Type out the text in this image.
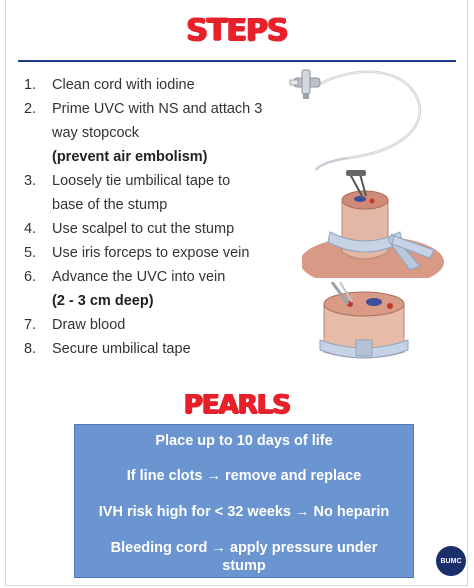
STEPS
1.	Clean cord with iodine
2.	Prime UVC with NS and attach 3
way stopcock
(prevent air embolism)
3.	Loosely tie umbilical tape to
base of the stump
4.	Use scalpel to cut the stump
5.	Use iris forceps to expose vein
6.	Advance the UVC into vein
(2 - 3 cm deep)
7.	Draw blood
8.	Secure umbilical tape
PEARLS
Place up to 10 days of life
If line clots → remove and replace
IVH risk high for < 32 weeks → No heparin
Bleeding cord → apply pressure under
stump	BUMC
